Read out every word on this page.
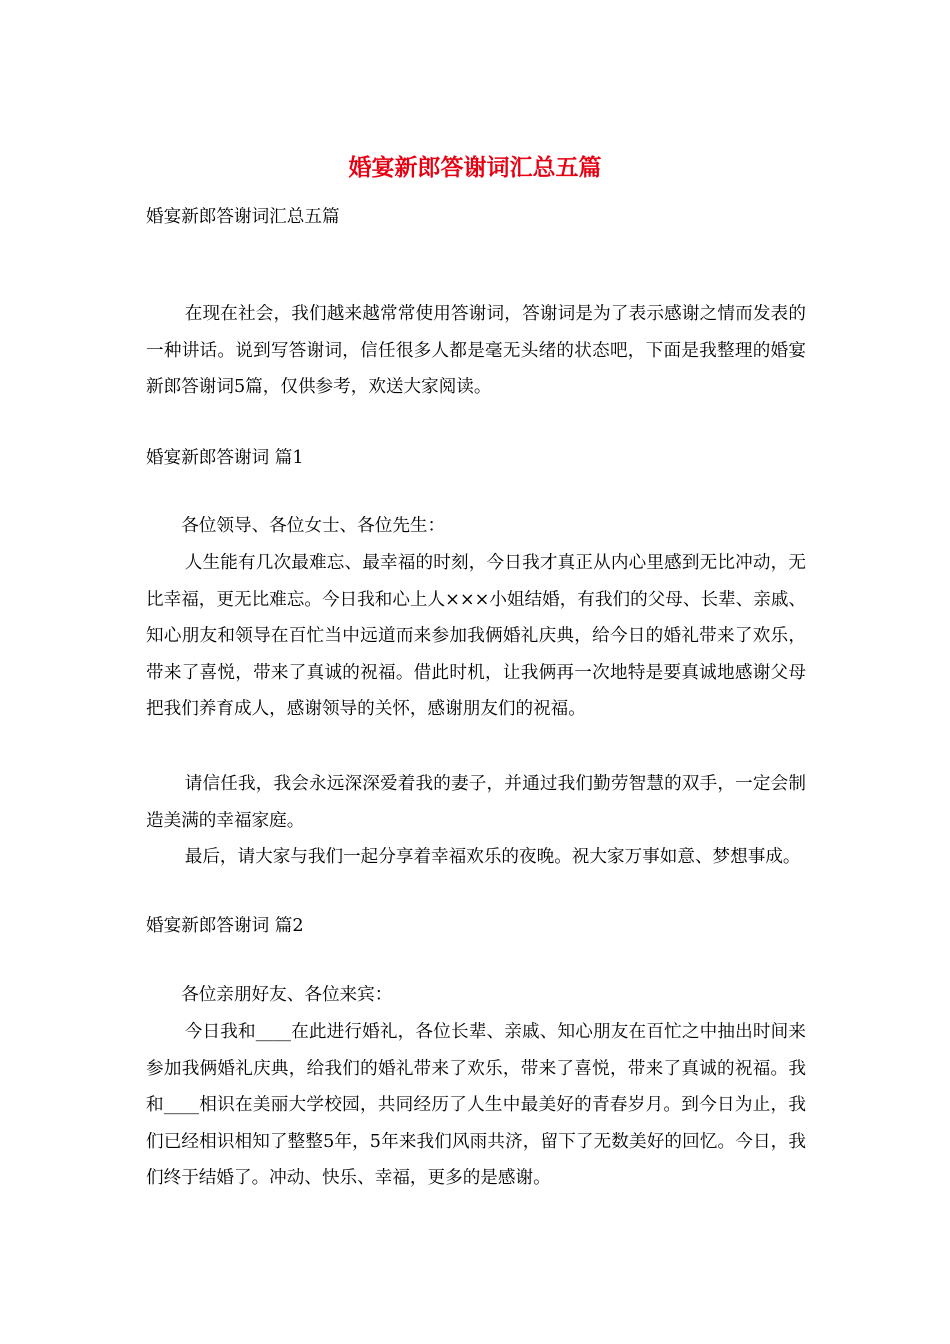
婚宴新郎答谢词汇总五篇

婚宴新郎答谢词汇总五篇

在现在社会，我们越来越常常使用答谢词，答谢词是为了表示感谢之情而发表的一种讲话。说到写答谢词，信任很多人都是毫无头绪的状态吧，下面是我整理的婚宴新郎答谢词5篇，仅供参考，欢送大家阅读。

婚宴新郎答谢词 篇1

各位领导、各位女士、各位先生：

人生能有几次最难忘、最幸福的时刻，今日我才真正从内心里感到无比冲动，无比幸福，更无比难忘。今日我和心上人×××小姐结婚，有我们的父母、长辈、亲戚、知心朋友和领导在百忙当中远道而来参加我俩婚礼庆典，给今日的婚礼带来了欢乐，带来了喜悦，带来了真诚的祝福。借此时机，让我俩再一次地特是要真诚地感谢父母把我们养育成人，感谢领导的关怀，感谢朋友们的祝福。

请信任我，我会永远深深爱着我的妻子，并通过我们勤劳智慧的双手，一定会制造美满的幸福家庭。

最后，请大家与我们一起分享着幸福欢乐的夜晚。祝大家万事如意、梦想事成。

婚宴新郎答谢词 篇2

各位亲朋好友、各位来宾：

今日我和____在此进行婚礼，各位长辈、亲戚、知心朋友在百忙之中抽出时间来参加我俩婚礼庆典，给我们的婚礼带来了欢乐，带来了喜悦，带来了真诚的祝福。我和____相识在美丽大学校园，共同经历了人生中最美好的青春岁月。到今日为止，我们已经相识相知了整整5年，5年来我们风雨共济，留下了无数美好的回忆。今日，我们终于结婚了。冲动、快乐、幸福，更多的是感谢。
